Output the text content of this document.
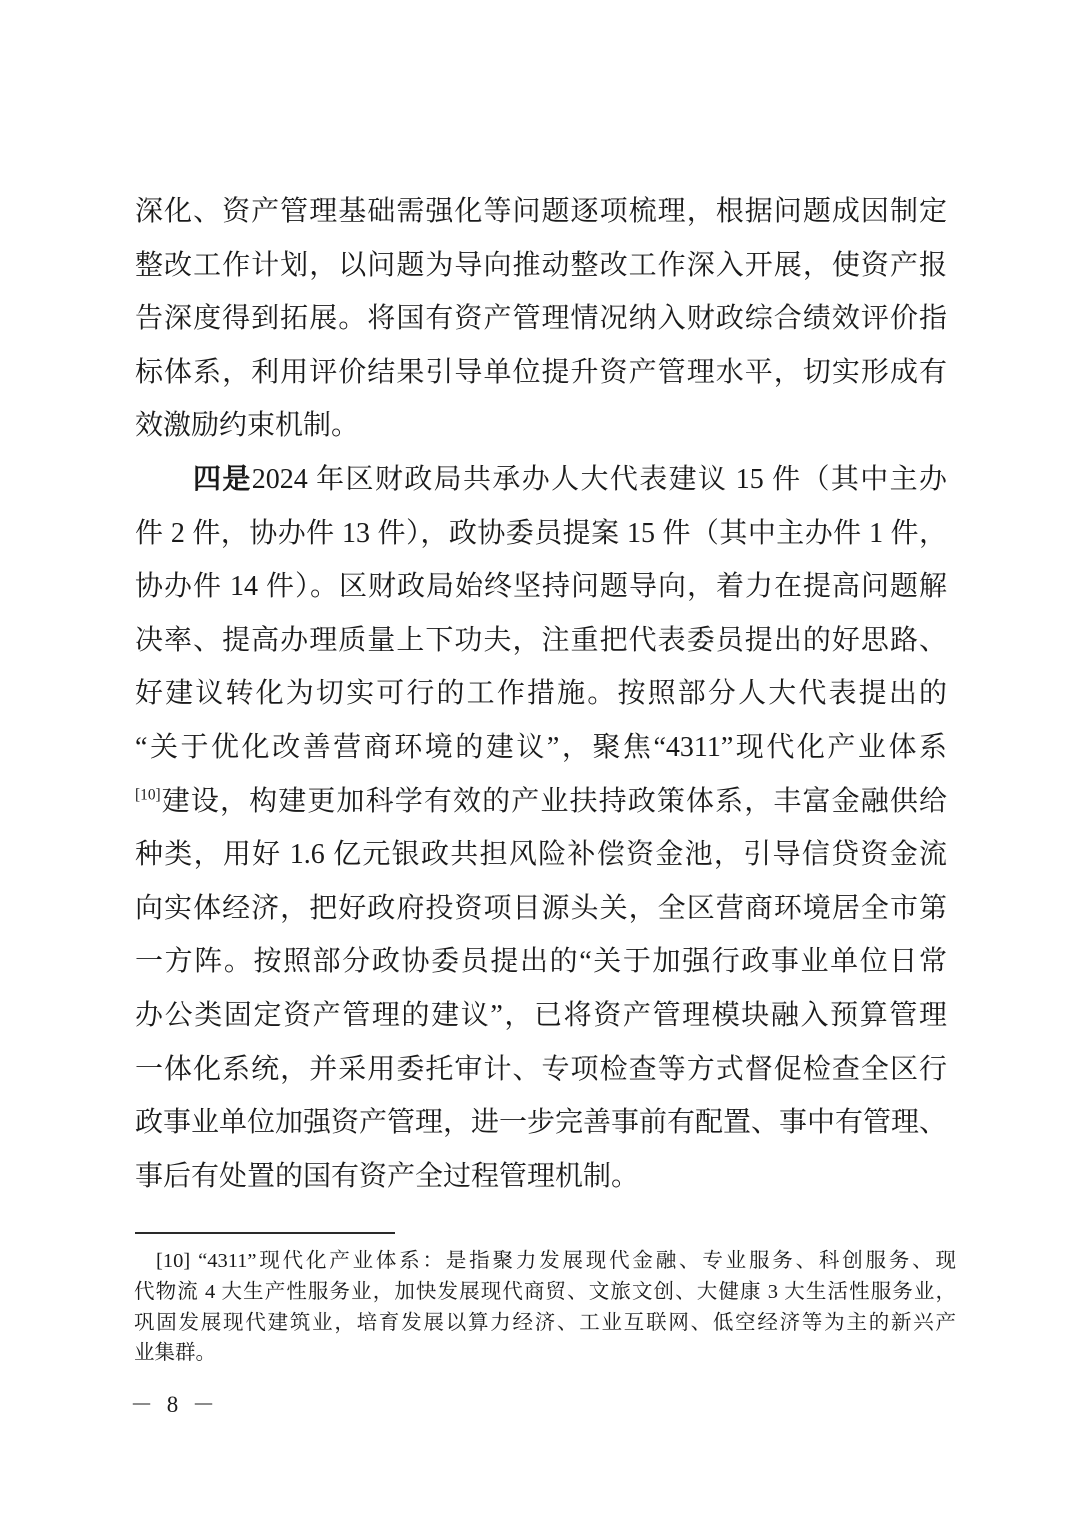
深化、资产管理基础需强化等问题逐项梳理，根据问题成因制定
整改工作计划，以问题为导向推动整改工作深入开展，使资产报
告深度得到拓展。将国有资产管理情况纳入财政综合绩效评价指
标体系，利用评价结果引导单位提升资产管理水平，切实形成有
效激励约束机制。
四是2024 年区财政局共承办人大代表建议 15 件（其中主办
件 2 件，协办件 13 件），政协委员提案 15 件（其中主办件 1 件，
协办件 14 件）。区财政局始终坚持问题导向，着力在提高问题解
决率、提高办理质量上下功夫，注重把代表委员提出的好思路、
好建议转化为切实可行的工作措施。按照部分人大代表提出的
“关于优化改善营商环境的建议”，聚焦“4311”现代化产业体系
[10]建设，构建更加科学有效的产业扶持政策体系，丰富金融供给
种类，用好 1.6 亿元银政共担风险补偿资金池，引导信贷资金流
向实体经济，把好政府投资项目源头关，全区营商环境居全市第
一方阵。按照部分政协委员提出的“关于加强行政事业单位日常
办公类固定资产管理的建议”，已将资产管理模块融入预算管理
一体化系统，并采用委托审计、专项检查等方式督促检查全区行
政事业单位加强资产管理，进一步完善事前有配置、事中有管理、
事后有处置的国有资产全过程管理机制。
[10] “4311”现代化产业体系：是指聚力发展现代金融、专业服务、科创服务、现
代物流 4 大生产性服务业，加快发展现代商贸、文旅文创、大健康 3 大生活性服务业，
巩固发展现代建筑业，培育发展以算力经济、工业互联网、低空经济等为主的新兴产
业集群。
－ 8 －
